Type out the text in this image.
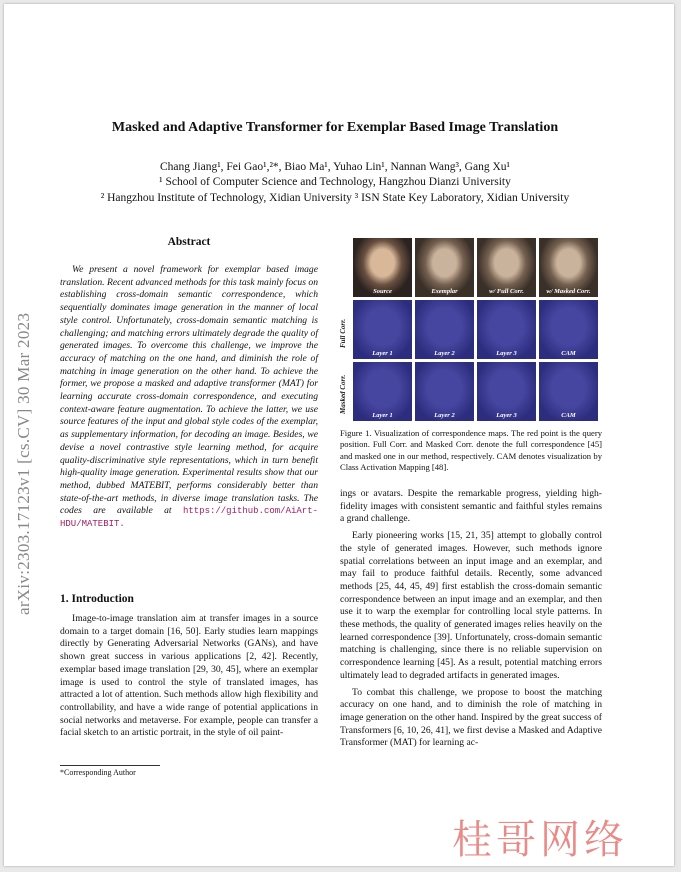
arXiv:2303.17123v1 [cs.CV] 30 Mar 2023
Masked and Adaptive Transformer for Exemplar Based Image Translation
Chang Jiang¹, Fei Gao¹,²*, Biao Ma¹, Yuhao Lin¹, Nannan Wang³, Gang Xu¹
¹ School of Computer Science and Technology, Hangzhou Dianzi University
² Hangzhou Institute of Technology, Xidian University ³ ISN State Key Laboratory, Xidian University
Abstract

We present a novel framework for exemplar based image translation. Recent advanced methods for this task mainly focus on establishing cross-domain semantic correspondence, which sequentially dominates image generation in the manner of local style control. Unfortunately, cross-domain semantic matching is challenging; and matching errors ultimately degrade the quality of generated images. To overcome this challenge, we improve the accuracy of matching on the one hand, and diminish the role of matching in image generation on the other hand. To achieve the former, we propose a masked and adaptive transformer (MAT) for learning accurate cross-domain correspondence, and executing context-aware feature augmentation. To achieve the latter, we use source features of the input and global style codes of the exemplar, as supplementary information, for decoding an image. Besides, we devise a novel contrastive style learning method, for acquire quality-discriminative style representations, which in turn benefit high-quality image generation. Experimental results show that our method, dubbed MATEBIT, performs considerably better than state-of-the-art methods, in diverse image translation tasks. The codes are available at https://github.com/AiArt-HDU/MATEBIT.

1. Introduction

Image-to-image translation aim at transfer images in a source domain to a target domain [16, 50]. Early studies learn mappings directly by Generating Adversarial Networks (GANs), and have shown great success in various applications [2, 42]. Recently, exemplar based image translation [29, 30, 45], where an exemplar image is used to control the style of translated images, has attracted a lot of attention. Such methods allow high flexibility and controllability, and have a wide range of potential applications in social networks and metaverse. For example, people can transfer a facial sketch to an artistic portrait, in the style of oil paint-

*Corresponding Author
Source	Exemplar	w/ Full Corr.	w/ Masked Corr.
Layer 1	Layer 2	Layer 3	CAM
Layer 1	Layer 2	Layer 3	CAM
Full Corr.
Masked Corr.
Figure 1. Visualization of correspondence maps. The red point is the query position. Full Corr. and Masked Corr. denote the full correspondence [45] and masked one in our method, respectively. CAM denotes visualization by Class Activation Mapping [48].

ings or avatars. Despite the remarkable progress, yielding high-fidelity images with consistent semantic and faithful styles remains a grand challenge.

Early pioneering works [15, 21, 35] attempt to globally control the style of generated images. However, such methods ignore spatial correlations between an input image and an exemplar, and may fail to produce faithful details. Recently, some advanced methods [25, 44, 45, 49] first establish the cross-domain semantic correspondence between an input image and an exemplar, and then use it to warp the exemplar for controlling local style patterns. In these methods, the quality of generated images relies heavily on the learned correspondence [39]. Unfortunately, cross-domain semantic matching is challenging, since there is no reliable supervision on correspondence learning [45]. As a result, potential matching errors ultimately lead to degraded artifacts in generated images.

To combat this challenge, we propose to boost the matching accuracy on one hand, and to diminish the role of matching in image generation on the other hand. Inspired by the great success of Transformers [6, 10, 26, 41], we first devise a Masked and Adaptive Transformer (MAT) for learning ac-

桂哥网络
